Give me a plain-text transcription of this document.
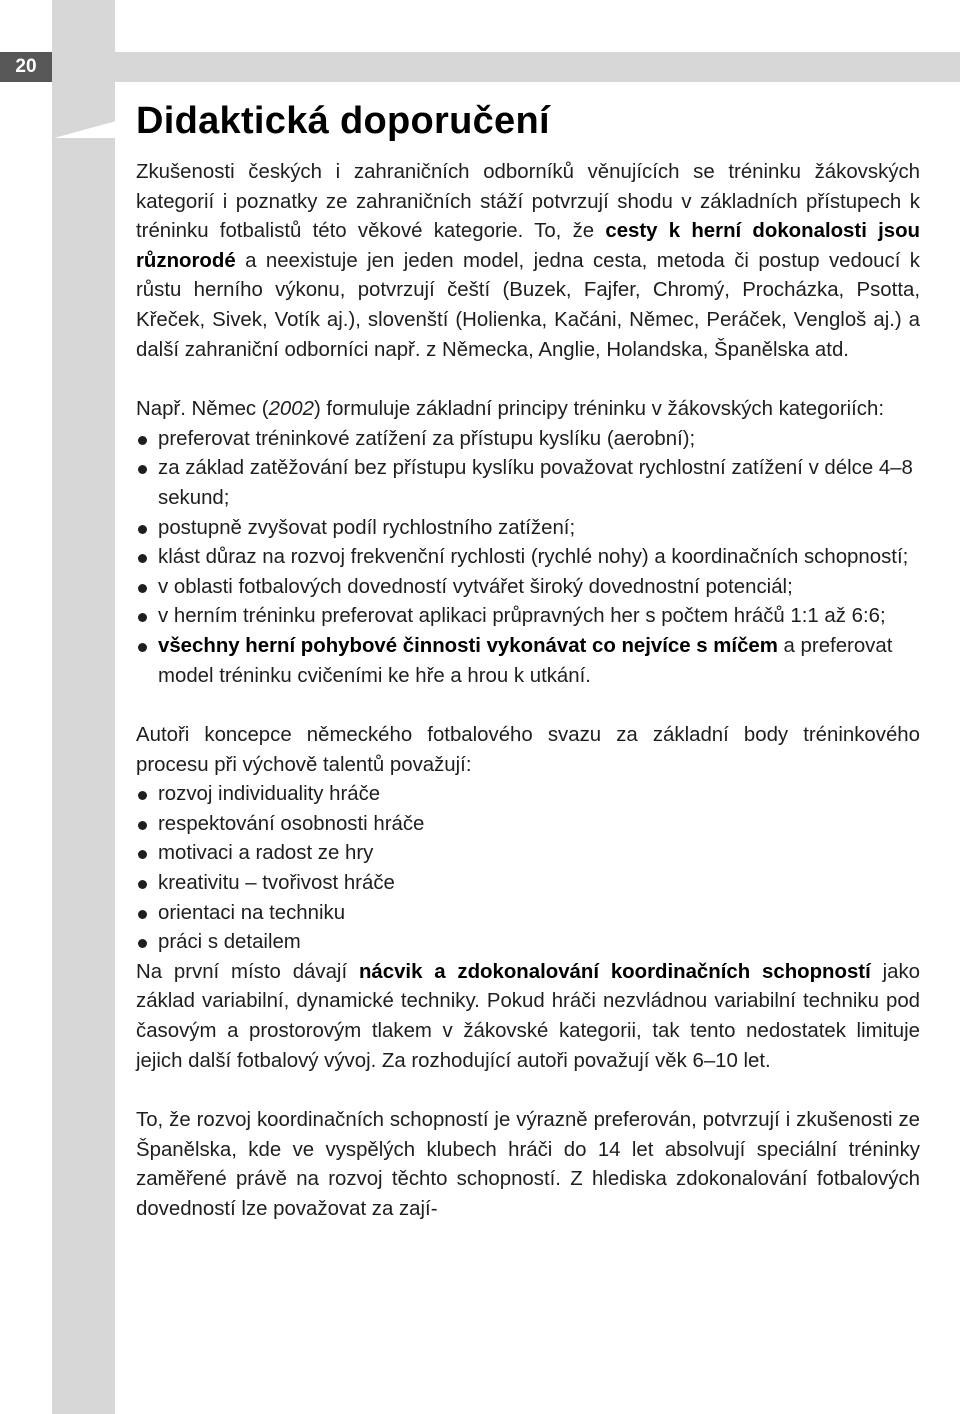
20
Didaktická doporučení

Zkušenosti českých i zahraničních odborníků věnujících se tréninku žákovských kategorií i poznatky ze zahraničních stáží potvrzují shodu v základních přístupech k tréninku fotbalistů této věkové kategorie. To, že cesty k herní dokonalosti jsou různorodé a neexistuje jen jeden model, jedna cesta, metoda či postup vedoucí k růstu herního výkonu, potvrzují čeští (Buzek, Fajfer, Chromý, Procházka, Psotta, Křeček, Sivek, Votík aj.), slovenští (Holienka, Kačáni, Němec, Peráček, Vengloš aj.) a další zahraniční odborníci např. z Německa, Anglie, Holandska, Španělska atd.

Např. Němec (2002) formuluje základní principy tréninku v žákovských kategoriích:

preferovat tréninkové zatížení za přístupu kyslíku (aerobní);
za základ zatěžování bez přístupu kyslíku považovat rychlostní zatížení v délce 4–8 sekund;
postupně zvyšovat podíl rychlostního zatížení;
klást důraz na rozvoj frekvenční rychlosti (rychlé nohy) a koordinačních schopností;
v oblasti fotbalových dovedností vytvářet široký dovednostní potenciál;
v herním tréninku preferovat aplikaci průpravných her s počtem hráčů 1:1 až 6:6;
všechny herní pohybové činnosti vykonávat co nejvíce s míčem a preferovat model tréninku cvičeními ke hře a hrou k utkání.

Autoři koncepce německého fotbalového svazu za základní body tréninkového procesu při výchově talentů považují:

rozvoj individuality hráče
respektování osobnosti hráče
motivaci a radost ze hry
kreativitu – tvořivost hráče
orientaci na techniku
práci s detailem

Na první místo dávají nácvik a zdokonalování koordinačních schopností jako základ variabilní, dynamické techniky. Pokud hráči nezvládnou variabilní techniku pod časovým a prostorovým tlakem v žákovské kategorii, tak tento nedostatek limituje jejich další fotbalový vývoj. Za rozhodující autoři považují věk 6–10 let.

To, že rozvoj koordinačních schopností je výrazně preferován, potvrzují i zkušenosti ze Španělska, kde ve vyspělých klubech hráči do 14 let absolvují speciální tréninky zaměřené právě na rozvoj těchto schopností. Z hlediska zdokonalování fotbalových dovedností lze považovat za zají-
